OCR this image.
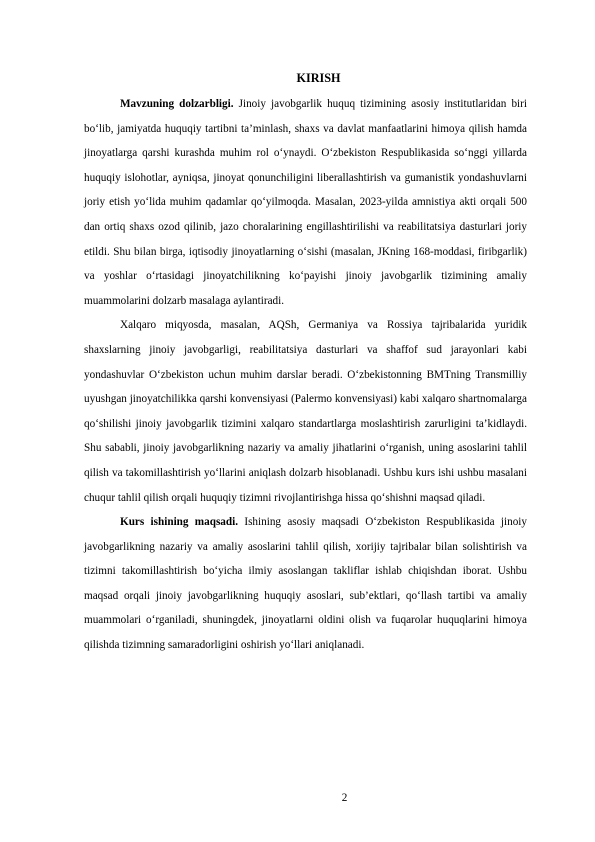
KIRISH

Mavzuning dolzarbligi. Jinoiy javobgarlik huquq tizimining asosiy institutlaridan biri bo‘lib, jamiyatda huquqiy tartibni ta’minlash, shaxs va davlat manfaatlarini himoya qilish hamda jinoyatlarga qarshi kurashda muhim rol o‘ynaydi. O‘zbekiston Respublikasida so‘nggi yillarda huquqiy islohotlar, ayniqsa, jinoyat qonunchiligini liberallashtirish va gumanistik yondashuvlarni joriy etish yo‘lida muhim qadamlar qo‘yilmoqda. Masalan, 2023-yilda amnistiya akti orqali 500 dan ortiq shaxs ozod qilinib, jazo choralarining engillashtirilishi va reabilitatsiya dasturlari joriy etildi. Shu bilan birga, iqtisodiy jinoyatlarning o‘sishi (masalan, JKning 168-moddasi, firibgarlik) va yoshlar o‘rtasidagi jinoyatchilikning ko‘payishi jinoiy javobgarlik tizimining amaliy muammolarini dolzarb masalaga aylantiradi.

Xalqaro miqyosda, masalan, AQSh, Germaniya va Rossiya tajribalarida yuridik shaxslarning jinoiy javobgarligi, reabilitatsiya dasturlari va shaffof sud jarayonlari kabi yondashuvlar O‘zbekiston uchun muhim darslar beradi. O‘zbekistonning BMTning Transmilliy uyushgan jinoyatchilikka qarshi konvensiyasi (Palermo konvensiyasi) kabi xalqaro shartnomalarga qo‘shilishi jinoiy javobgarlik tizimini xalqaro standartlarga moslashtirish zarurligini ta’kidlaydi. Shu sababli, jinoiy javobgarlikning nazariy va amaliy jihatlarini o‘rganish, uning asoslarini tahlil qilish va takomillashtirish yo‘llarini aniqlash dolzarb hisoblanadi. Ushbu kurs ishi ushbu masalani chuqur tahlil qilish orqali huquqiy tizimni rivojlantirishga hissa qo‘shishni maqsad qiladi.

Kurs ishining maqsadi. Ishining asosiy maqsadi O‘zbekiston Respublikasida jinoiy javobgarlikning nazariy va amaliy asoslarini tahlil qilish, xorijiy tajribalar bilan solishtirish va tizimni takomillashtirish bo‘yicha ilmiy asoslangan takliflar ishlab chiqishdan iborat. Ushbu maqsad orqali jinoiy javobgarlikning huquqiy asoslari, sub’ektlari, qo‘llash tartibi va amaliy muammolari o‘rganiladi, shuningdek, jinoyatlarni oldini olish va fuqarolar huquqlarini himoya qilishda tizimning samaradorligini oshirish yo‘llari aniqlanadi.

2
